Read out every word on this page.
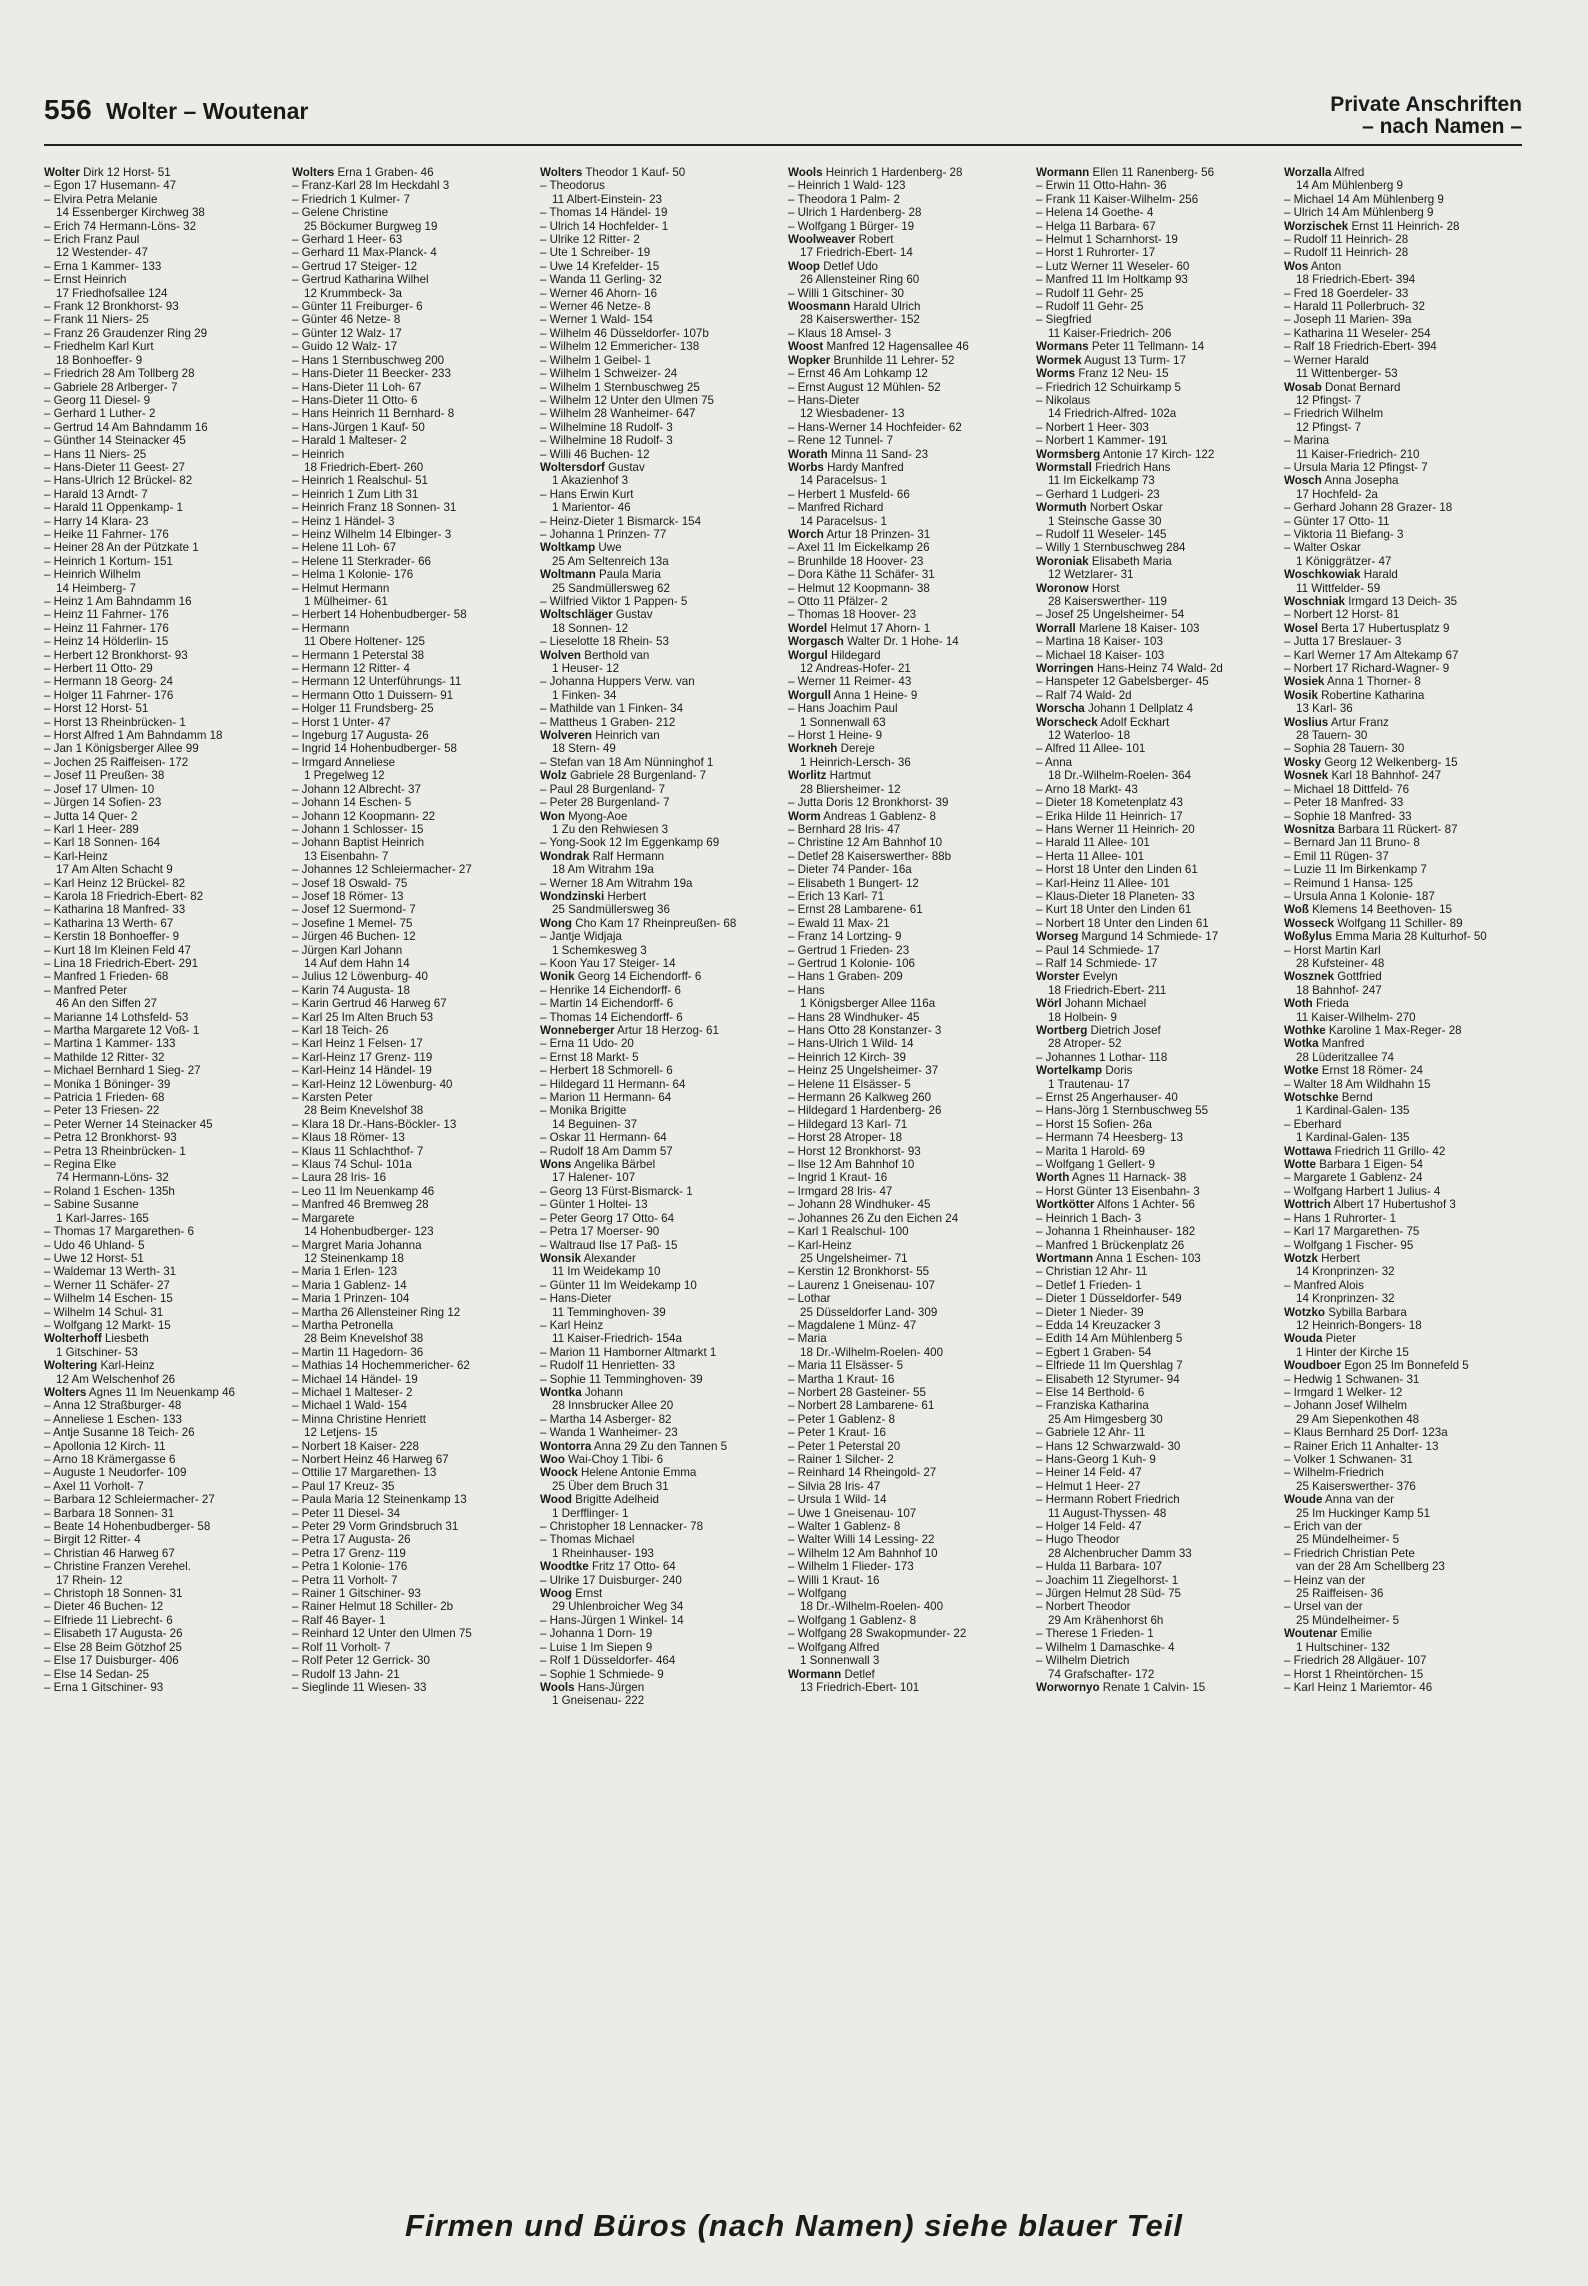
556 Wolter – Woutenar	Private Anschriften
– nach Namen –
Wolter Dirk 12 Horst- 51
– Egon 17 Husemann- 47
– Elvira Petra Melanie
14 Essenberger Kirchweg 38
– Erich 74 Hermann-Löns- 32
– Erich Franz Paul
12 Westender- 47
– Erna 1 Kammer- 133
– Ernst Heinrich
17 Friedhofsallee 124
– Frank 12 Bronkhorst- 93
– Frank 11 Niers- 25
– Franz 26 Graudenzer Ring 29
– Friedhelm Karl Kurt
18 Bonhoeffer- 9
– Friedrich 28 Am Tollberg 28
– Gabriele 28 Arlberger- 7
– Georg 11 Diesel- 9
– Gerhard 1 Luther- 2
– Gertrud 14 Am Bahndamm 16
– Günther 14 Steinacker 45
– Hans 11 Niers- 25
– Hans-Dieter 11 Geest- 27
– Hans-Ulrich 12 Brückel- 82
– Harald 13 Arndt- 7
– Harald 11 Oppenkamp- 1
– Harry 14 Klara- 23
– Heike 11 Fahrner- 176
– Heiner 28 An der Pützkate 1
– Heinrich 1 Kortum- 151
– Heinrich Wilhelm
14 Heimberg- 7
– Heinz 1 Am Bahndamm 16
– Heinz 11 Fahrner- 176
– Heinz 11 Fahrner- 176
– Heinz 14 Hölderlin- 15
– Herbert 12 Bronkhorst- 93
– Herbert 11 Otto- 29
– Hermann 18 Georg- 24
– Holger 11 Fahrner- 176
– Horst 12 Horst- 51
– Horst 13 Rheinbrücken- 1
– Horst Alfred 1 Am Bahndamm 18
– Jan 1 Königsberger Allee 99
– Jochen 25 Raiffeisen- 172
– Josef 11 Preußen- 38
– Josef 17 Ulmen- 10
– Jürgen 14 Sofien- 23
– Jutta 14 Quer- 2
– Karl 1 Heer- 289
– Karl 18 Sonnen- 164
– Karl-Heinz
17 Am Alten Schacht 9
– Karl Heinz 12 Brückel- 82
– Karola 18 Friedrich-Ebert- 82
– Katharina 18 Manfred- 33
– Katharina 13 Werth- 67
– Kerstin 18 Bonhoeffer- 9
– Kurt 18 Im Kleinen Feld 47
– Lina 18 Friedrich-Ebert- 291
– Manfred 1 Frieden- 68
– Manfred Peter
46 An den Siffen 27
– Marianne 14 Lothsfeld- 53
– Martha Margarete 12 Voß- 1
– Martina 1 Kammer- 133
– Mathilde 12 Ritter- 32
– Michael Bernhard 1 Sieg- 27
– Monika 1 Böninger- 39
– Patricia 1 Frieden- 68
– Peter 13 Friesen- 22
– Peter Werner 14 Steinacker 45
– Petra 12 Bronkhorst- 93
– Petra 13 Rheinbrücken- 1
– Regina Elke
74 Hermann-Löns- 32
– Roland 1 Eschen- 135h
– Sabine Susanne
1 Karl-Jarres- 165
– Thomas 17 Margarethen- 6
– Udo 46 Uhland- 5
– Uwe 12 Horst- 51
– Waldemar 13 Werth- 31
– Werner 11 Schäfer- 27
– Wilhelm 14 Eschen- 15
– Wilhelm 14 Schul- 31
– Wolfgang 12 Markt- 15
Wolterhoff Liesbeth
1 Gitschiner- 53
Woltering Karl-Heinz
12 Am Welschenhof 26
Wolters Agnes 11 Im Neuenkamp 46
– Anna 12 Straßburger- 48
– Anneliese 1 Eschen- 133
– Antje Susanne 18 Teich- 26
– Apollonia 12 Kirch- 11
– Arno 18 Krämergasse 6
– Auguste 1 Neudorfer- 109
– Axel 11 Vorholt- 7
– Barbara 12 Schleiermacher- 27
– Barbara 18 Sonnen- 31
– Beate 14 Hohenbudberger- 58
– Birgit 12 Ritter- 4
– Christian 46 Harweg 67
– Christine Franzen Verehel.
17 Rhein- 12
– Christoph 18 Sonnen- 31
– Dieter 46 Buchen- 12
– Elfriede 11 Liebrecht- 6
– Elisabeth 17 Augusta- 26
– Else 28 Beim Götzhof 25
– Else 17 Duisburger- 406
– Else 14 Sedan- 25
– Erna 1 Gitschiner- 93
Wolters Erna 1 Graben- 46
– Franz-Karl 28 Im Heckdahl 3
– Friedrich 1 Kulmer- 7
– Gelene Christine
25 Böckumer Burgweg 19
– Gerhard 1 Heer- 63
– Gerhard 11 Max-Planck- 4
– Gertrud 17 Steiger- 12
– Gertrud Katharina Wilhel
12 Krummbeck- 3a
– Günter 11 Freiburger- 6
– Günter 46 Netze- 8
– Günter 12 Walz- 17
– Guido 12 Walz- 17
– Hans 1 Sternbuschweg 200
– Hans-Dieter 11 Beecker- 233
– Hans-Dieter 11 Loh- 67
– Hans-Dieter 11 Otto- 6
– Hans Heinrich 11 Bernhard- 8
– Hans-Jürgen 1 Kauf- 50
– Harald 1 Malteser- 2
– Heinrich
18 Friedrich-Ebert- 260
– Heinrich 1 Realschul- 51
– Heinrich 1 Zum Lith 31
– Heinrich Franz 18 Sonnen- 31
– Heinz 1 Händel- 3
– Heinz Wilhelm 14 Elbinger- 3
– Helene 11 Loh- 67
– Helene 11 Sterkrader- 66
– Helma 1 Kolonie- 176
– Helmut Hermann
1 Mülheimer- 61
– Herbert 14 Hohenbudberger- 58
– Hermann
11 Obere Holtener- 125
– Hermann 1 Peterstal 38
– Hermann 12 Ritter- 4
– Hermann 12 Unterführungs- 11
– Hermann Otto 1 Duissern- 91
– Holger 11 Frundsberg- 25
– Horst 1 Unter- 47
– Ingeburg 17 Augusta- 26
– Ingrid 14 Hohenbudberger- 58
– Irmgard Anneliese
1 Pregelweg 12
– Johann 12 Albrecht- 37
– Johann 14 Eschen- 5
– Johann 12 Koopmann- 22
– Johann 1 Schlosser- 15
– Johann Baptist Heinrich
13 Eisenbahn- 7
– Johannes 12 Schleiermacher- 27
– Josef 18 Oswald- 75
– Josef 18 Römer- 13
– Josef 12 Suermond- 7
– Josefine 1 Memel- 75
– Jürgen 46 Buchen- 12
– Jürgen Karl Johann
14 Auf dem Hahn 14
– Julius 12 Löwenburg- 40
– Karin 74 Augusta- 18
– Karin Gertrud 46 Harweg 67
– Karl 25 Im Alten Bruch 53
– Karl 18 Teich- 26
– Karl Heinz 1 Felsen- 17
– Karl-Heinz 17 Grenz- 119
– Karl-Heinz 14 Händel- 19
– Karl-Heinz 12 Löwenburg- 40
– Karsten Peter
28 Beim Knevelshof 38
– Klara 18 Dr.-Hans-Böckler- 13
– Klaus 18 Römer- 13
– Klaus 11 Schlachthof- 7
– Klaus 74 Schul- 101a
– Laura 28 Iris- 16
– Leo 11 Im Neuenkamp 46
– Manfred 46 Bremweg 28
– Margarete
14 Hohenbudberger- 123
– Margret Maria Johanna
12 Steinenkamp 18
– Maria 1 Erlen- 123
– Maria 1 Gablenz- 14
– Maria 1 Prinzen- 104
– Martha 26 Allensteiner Ring 12
– Martha Petronella
28 Beim Knevelshof 38
– Martin 11 Hagedorn- 36
– Mathias 14 Hochemmericher- 62
– Michael 14 Händel- 19
– Michael 1 Malteser- 2
– Michael 1 Wald- 154
– Minna Christine Henriett
12 Letjens- 15
– Norbert 18 Kaiser- 228
– Norbert Heinz 46 Harweg 67
– Ottilie 17 Margarethen- 13
– Paul 17 Kreuz- 35
– Paula Maria 12 Steinenkamp 13
– Peter 11 Diesel- 34
– Peter 29 Vorm Grindsbruch 31
– Petra 17 Augusta- 26
– Petra 17 Grenz- 119
– Petra 1 Kolonie- 176
– Petra 11 Vorholt- 7
– Rainer 1 Gitschiner- 93
– Rainer Helmut 18 Schiller- 2b
– Ralf 46 Bayer- 1
– Reinhard 12 Unter den Ulmen 75
– Rolf 11 Vorholt- 7
– Rolf Peter 12 Gerrick- 30
– Rudolf 13 Jahn- 21
– Sieglinde 11 Wiesen- 33
Wolters Theodor 1 Kauf- 50
– Theodorus
11 Albert-Einstein- 23
– Thomas 14 Händel- 19
– Ulrich 14 Hochfelder- 1
– Ulrike 12 Ritter- 2
– Ute 1 Schreiber- 19
– Uwe 14 Krefelder- 15
– Wanda 11 Gerling- 32
– Werner 46 Ahorn- 16
– Werner 46 Netze- 8
– Werner 1 Wald- 154
– Wilhelm 46 Düsseldorfer- 107b
– Wilhelm 12 Emmericher- 138
– Wilhelm 1 Geibel- 1
– Wilhelm 1 Schweizer- 24
– Wilhelm 1 Sternbuschweg 25
– Wilhelm 12 Unter den Ulmen 75
– Wilhelm 28 Wanheimer- 647
– Wilhelmine 18 Rudolf- 3
– Wilhelmine 18 Rudolf- 3
– Willi 46 Buchen- 12
Woltersdorf Gustav
1 Akazienhof 3
– Hans Erwin Kurt
1 Marientor- 46
– Heinz-Dieter 1 Bismarck- 154
– Johanna 1 Prinzen- 77
Woltkamp Uwe
25 Am Seltenreich 13a
Woltmann Paula Maria
25 Sandmüllersweg 62
– Wilfried Viktor 1 Pappen- 5
Woltschläger Gustav
18 Sonnen- 12
– Lieselotte 18 Rhein- 53
Wolven Berthold van
1 Heuser- 12
– Johanna Huppers Verw. van
1 Finken- 34
– Mathilde van 1 Finken- 34
– Mattheus 1 Graben- 212
Wolveren Heinrich van
18 Stern- 49
– Stefan van 18 Am Nünninghof 1
Wolz Gabriele 28 Burgenland- 7
– Paul 28 Burgenland- 7
– Peter 28 Burgenland- 7
Won Myong-Aoe
1 Zu den Rehwiesen 3
– Yong-Sook 12 Im Eggenkamp 69
Wondrak Ralf Hermann
18 Am Witrahm 19a
– Werner 18 Am Witrahm 19a
Wondzinski Herbert
25 Sandmüllersweg 36
Wong Cho Kam 17 Rheinpreußen- 68
– Jantje Widjaja
1 Schemkesweg 3
– Koon Yau 17 Steiger- 14
Wonik Georg 14 Eichendorff- 6
– Henrike 14 Eichendorff- 6
– Martin 14 Eichendorff- 6
– Thomas 14 Eichendorff- 6
Wonneberger Artur 18 Herzog- 61
– Erna 11 Udo- 20
– Ernst 18 Markt- 5
– Herbert 18 Schmorell- 6
– Hildegard 11 Hermann- 64
– Marion 11 Hermann- 64
– Monika Brigitte
14 Beguinen- 37
– Oskar 11 Hermann- 64
– Rudolf 18 Am Damm 57
Wons Angelika Bärbel
17 Halener- 107
– Georg 13 Fürst-Bismarck- 1
– Günter 1 Holtei- 13
– Peter Georg 17 Otto- 64
– Petra 17 Moerser- 90
– Waltraud Ilse 17 Paß- 15
Wonsik Alexander
11 Im Weidekamp 10
– Günter 11 Im Weidekamp 10
– Hans-Dieter
11 Temminghoven- 39
– Karl Heinz
11 Kaiser-Friedrich- 154a
– Marion 11 Hamborner Altmarkt 1
– Rudolf 11 Henrietten- 33
– Sophie 11 Temminghoven- 39
Wontka Johann
28 Innsbrucker Allee 20
– Martha 14 Asberger- 82
– Wanda 1 Wanheimer- 23
Wontorra Anna 29 Zu den Tannen 5
Woo Wai-Choy 1 Tibi- 6
Woock Helene Antonie Emma
25 Über dem Bruch 31
Wood Brigitte Adelheid
1 Derfflinger- 1
– Christopher 18 Lennacker- 78
– Thomas Michael
1 Rheinhauser- 193
Woodtke Fritz 17 Otto- 64
– Ulrike 17 Duisburger- 240
Woog Ernst
29 Uhlenbroicher Weg 34
– Hans-Jürgen 1 Winkel- 14
– Johanna 1 Dorn- 19
– Luise 1 Im Siepen 9
– Rolf 1 Düsseldorfer- 464
– Sophie 1 Schmiede- 9
Wools Hans-Jürgen
1 Gneisenau- 222
Wools Heinrich 1 Hardenberg- 28
– Heinrich 1 Wald- 123
– Theodora 1 Palm- 2
– Ulrich 1 Hardenberg- 28
– Wolfgang 1 Bürger- 19
Woolweaver Robert
17 Friedrich-Ebert- 14
Woop Detlef Udo
26 Allensteiner Ring 60
– Willi 1 Gitschiner- 30
Woosmann Harald Ulrich
28 Kaiserswerther- 152
– Klaus 18 Amsel- 3
Woost Manfred 12 Hagensallee 46
Wopker Brunhilde 11 Lehrer- 52
– Ernst 46 Am Lohkamp 12
– Ernst August 12 Mühlen- 52
– Hans-Dieter
12 Wiesbadener- 13
– Hans-Werner 14 Hochfeider- 62
– Rene 12 Tunnel- 7
Worath Minna 11 Sand- 23
Worbs Hardy Manfred
14 Paracelsus- 1
– Herbert 1 Musfeld- 66
– Manfred Richard
14 Paracelsus- 1
Worch Artur 18 Prinzen- 31
– Axel 11 Im Eickelkamp 26
– Brunhilde 18 Hoover- 23
– Dora Käthe 11 Schäfer- 31
– Helmut 12 Koopmann- 38
– Otto 11 Pfälzer- 2
– Thomas 18 Hoover- 23
Wordel Helmut 17 Ahorn- 1
Worgasch Walter Dr. 1 Hohe- 14
Worgul Hildegard
12 Andreas-Hofer- 21
– Werner 11 Reimer- 43
Worgull Anna 1 Heine- 9
– Hans Joachim Paul
1 Sonnenwall 63
– Horst 1 Heine- 9
Workneh Dereje
1 Heinrich-Lersch- 36
Worlitz Hartmut
28 Bliersheimer- 12
– Jutta Doris 12 Bronkhorst- 39
Worm Andreas 1 Gablenz- 8
– Bernhard 28 Iris- 47
– Christine 12 Am Bahnhof 10
– Detlef 28 Kaiserswerther- 88b
– Dieter 74 Pander- 16a
– Elisabeth 1 Bungert- 12
– Erich 13 Karl- 71
– Ernst 28 Lambarene- 61
– Ewald 11 Max- 21
– Franz 14 Lortzing- 9
– Gertrud 1 Frieden- 23
– Gertrud 1 Kolonie- 106
– Hans 1 Graben- 209
– Hans
1 Königsberger Allee 116a
– Hans 28 Windhuker- 45
– Hans Otto 28 Konstanzer- 3
– Hans-Ulrich 1 Wild- 14
– Heinrich 12 Kirch- 39
– Heinz 25 Ungelsheimer- 37
– Helene 11 Elsässer- 5
– Hermann 26 Kalkweg 260
– Hildegard 1 Hardenberg- 26
– Hildegard 13 Karl- 71
– Horst 28 Atroper- 18
– Horst 12 Bronkhorst- 93
– Ilse 12 Am Bahnhof 10
– Ingrid 1 Kraut- 16
– Irmgard 28 Iris- 47
– Johann 28 Windhuker- 45
– Johannes 26 Zu den Eichen 24
– Karl 1 Realschul- 100
– Karl-Heinz
25 Ungelsheimer- 71
– Kerstin 12 Bronkhorst- 55
– Laurenz 1 Gneisenau- 107
– Lothar
25 Düsseldorfer Land- 309
– Magdalene 1 Münz- 47
– Maria
18 Dr.-Wilhelm-Roelen- 400
– Maria 11 Elsässer- 5
– Martha 1 Kraut- 16
– Norbert 28 Gasteiner- 55
– Norbert 28 Lambarene- 61
– Peter 1 Gablenz- 8
– Peter 1 Kraut- 16
– Peter 1 Peterstal 20
– Rainer 1 Silcher- 2
– Reinhard 14 Rheingold- 27
– Silvia 28 Iris- 47
– Ursula 1 Wild- 14
– Uwe 1 Gneisenau- 107
– Walter 1 Gablenz- 8
– Walter Willi 14 Lessing- 22
– Wilhelm 12 Am Bahnhof 10
– Wilhelm 1 Flieder- 173
– Willi 1 Kraut- 16
– Wolfgang
18 Dr.-Wilhelm-Roelen- 400
– Wolfgang 1 Gablenz- 8
– Wolfgang 28 Swakopmunder- 22
– Wolfgang Alfred
1 Sonnenwall 3
Wormann Detlef
13 Friedrich-Ebert- 101
Wormann Ellen 11 Ranenberg- 56
– Erwin 11 Otto-Hahn- 36
– Frank 11 Kaiser-Wilhelm- 256
– Helena 14 Goethe- 4
– Helga 11 Barbara- 67
– Helmut 1 Scharnhorst- 19
– Horst 1 Ruhrorter- 17
– Lutz Werner 11 Weseler- 60
– Manfred 11 Im Holtkamp 93
– Rudolf 11 Gehr- 25
– Rudolf 11 Gehr- 25
– Siegfried
11 Kaiser-Friedrich- 206
Wormans Peter 11 Tellmann- 14
Wormek August 13 Turm- 17
Worms Franz 12 Neu- 15
– Friedrich 12 Schuirkamp 5
– Nikolaus
14 Friedrich-Alfred- 102a
– Norbert 1 Heer- 303
– Norbert 1 Kammer- 191
Wormsberg Antonie 17 Kirch- 122
Wormstall Friedrich Hans
11 Im Eickelkamp 73
– Gerhard 1 Ludgeri- 23
Wormuth Norbert Oskar
1 Steinsche Gasse 30
– Rudolf 11 Weseler- 145
– Willy 1 Sternbuschweg 284
Woroniak Elisabeth Maria
12 Wetzlarer- 31
Woronow Horst
28 Kaiserswerther- 119
– Josef 25 Ungelsheimer- 54
Worrall Marlene 18 Kaiser- 103
– Martina 18 Kaiser- 103
– Michael 18 Kaiser- 103
Worringen Hans-Heinz 74 Wald- 2d
– Hanspeter 12 Gabelsberger- 45
– Ralf 74 Wald- 2d
Worscha Johann 1 Dellplatz 4
Worscheck Adolf Eckhart
12 Waterloo- 18
– Alfred 11 Allee- 101
– Anna
18 Dr.-Wilhelm-Roelen- 364
– Arno 18 Markt- 43
– Dieter 18 Kometenplatz 43
– Erika Hilde 11 Heinrich- 17
– Hans Werner 11 Heinrich- 20
– Harald 11 Allee- 101
– Herta 11 Allee- 101
– Horst 18 Unter den Linden 61
– Karl-Heinz 11 Allee- 101
– Klaus-Dieter 18 Planeten- 33
– Kurt 18 Unter den Linden 61
– Norbert 18 Unter den Linden 61
Worseg Margund 14 Schmiede- 17
– Paul 14 Schmiede- 17
– Ralf 14 Schmiede- 17
Worster Evelyn
18 Friedrich-Ebert- 211
Wörl Johann Michael
18 Holbein- 9
Wortberg Dietrich Josef
28 Atroper- 52
– Johannes 1 Lothar- 118
Wortelkamp Doris
1 Trautenau- 17
– Ernst 25 Angerhauser- 40
– Hans-Jörg 1 Sternbuschweg 55
– Horst 15 Sofien- 26a
– Hermann 74 Heesberg- 13
– Marita 1 Harold- 69
– Wolfgang 1 Gellert- 9
Worth Agnes 11 Harnack- 38
– Horst Günter 13 Eisenbahn- 3
Wortkötter Alfons 1 Achter- 56
– Heinrich 1 Bach- 3
– Johanna 1 Rheinhauser- 182
– Manfred 1 Brückenplatz 26
Wortmann Anna 1 Eschen- 103
– Christian 12 Ahr- 11
– Detlef 1 Frieden- 1
– Dieter 1 Düsseldorfer- 549
– Dieter 1 Nieder- 39
– Edda 14 Kreuzacker 3
– Edith 14 Am Mühlenberg 5
– Egbert 1 Graben- 54
– Elfriede 11 Im Quershlag 7
– Elisabeth 12 Styrumer- 94
– Else 14 Berthold- 6
– Franziska Katharina
25 Am Himgesberg 30
– Gabriele 12 Ahr- 11
– Hans 12 Schwarzwald- 30
– Hans-Georg 1 Kuh- 9
– Heiner 14 Feld- 47
– Helmut 1 Heer- 27
– Hermann Robert Friedrich
11 August-Thyssen- 48
– Holger 14 Feld- 47
– Hugo Theodor
28 Alchenbrucher Damm 33
– Hulda 11 Barbara- 107
– Joachim 11 Ziegelhorst- 1
– Jürgen Helmut 28 Süd- 75
– Norbert Theodor
29 Am Krähenhorst 6h
– Therese 1 Frieden- 1
– Wilhelm 1 Damaschke- 4
– Wilhelm Dietrich
74 Grafschafter- 172
Worwornyo Renate 1 Calvin- 15
Worzalla Alfred
14 Am Mühlenberg 9
– Michael 14 Am Mühlenberg 9
– Ulrich 14 Am Mühlenberg 9
Worzischek Ernst 11 Heinrich- 28
– Rudolf 11 Heinrich- 28
– Rudolf 11 Heinrich- 28
Wos Anton
18 Friedrich-Ebert- 394
– Fred 18 Goerdeler- 33
– Harald 11 Pollerbruch- 32
– Joseph 11 Marien- 39a
– Katharina 11 Weseler- 254
– Ralf 18 Friedrich-Ebert- 394
– Werner Harald
11 Wittenberger- 53
Wosab Donat Bernard
12 Pfingst- 7
– Friedrich Wilhelm
12 Pfingst- 7
– Marina
11 Kaiser-Friedrich- 210
– Ursula Maria 12 Pfingst- 7
Wosch Anna Josepha
17 Hochfeld- 2a
– Gerhard Johann 28 Grazer- 18
– Günter 17 Otto- 11
– Viktoria 11 Biefang- 3
– Walter Oskar
1 Königgrätzer- 47
Woschkowiak Harald
11 Wittfelder- 59
Woschniak Irmgard 13 Deich- 35
– Norbert 12 Horst- 81
Wosel Berta 17 Hubertusplatz 9
– Jutta 17 Breslauer- 3
– Karl Werner 17 Am Altekamp 67
– Norbert 17 Richard-Wagner- 9
Wosiek Anna 1 Thorner- 8
Wosik Robertine Katharina
13 Karl- 36
Woslius Artur Franz
28 Tauern- 30
– Sophia 28 Tauern- 30
Wosky Georg 12 Welkenberg- 15
Wosnek Karl 18 Bahnhof- 247
– Michael 18 Dittfeld- 76
– Peter 18 Manfred- 33
– Sophie 18 Manfred- 33
Wosnitza Barbara 11 Rückert- 87
– Bernard Jan 11 Bruno- 8
– Emil 11 Rügen- 37
– Luzie 11 Im Birkenkamp 7
– Reimund 1 Hansa- 125
– Ursula Anna 1 Kolonie- 187
Woß Klemens 14 Beethoven- 15
Wosseck Wolfgang 11 Schiller- 89
Woßylus Emma Maria 28 Kulturhof- 50
– Horst Martin Karl
28 Kufsteiner- 48
Wosznek Gottfried
18 Bahnhof- 247
Woth Frieda
11 Kaiser-Wilhelm- 270
Wothke Karoline 1 Max-Reger- 28
Wotka Manfred
28 Lüderitzallee 74
Wotke Ernst 18 Römer- 24
– Walter 18 Am Wildhahn 15
Wotschke Bernd
1 Kardinal-Galen- 135
– Eberhard
1 Kardinal-Galen- 135
Wottawa Friedrich 11 Grillo- 42
Wotte Barbara 1 Eigen- 54
– Margarete 1 Gablenz- 24
– Wolfgang Harbert 1 Julius- 4
Wottrich Albert 17 Hubertushof 3
– Hans 1 Ruhrorter- 1
– Karl 17 Margarethen- 75
– Wolfgang 1 Fischer- 95
Wotzk Herbert
14 Kronprinzen- 32
– Manfred Alois
14 Kronprinzen- 32
Wotzko Sybilla Barbara
12 Heinrich-Bongers- 18
Wouda Pieter
1 Hinter der Kirche 15
Woudboer Egon 25 Im Bonnefeld 5
– Hedwig 1 Schwanen- 31
– Irmgard 1 Welker- 12
– Johann Josef Wilhelm
29 Am Siepenkothen 48
– Klaus Bernhard 25 Dorf- 123a
– Rainer Erich 11 Anhalter- 13
– Volker 1 Schwanen- 31
– Wilhelm-Friedrich
25 Kaiserswerther- 376
Woude Anna van der
25 Im Huckinger Kamp 51
– Erich van der
25 Mündelheimer- 5
– Friedrich Christian Pete
van der 28 Am Schellberg 23
– Heinz van der
25 Raiffeisen- 36
– Ursel van der
25 Mündelheimer- 5
Woutenar Emilie
1 Hultschiner- 132
– Friedrich 28 Allgäuer- 107
– Horst 1 Rheintörchen- 15
– Karl Heinz 1 Mariemtor- 46
Firmen und Büros (nach Namen) siehe blauer Teil
